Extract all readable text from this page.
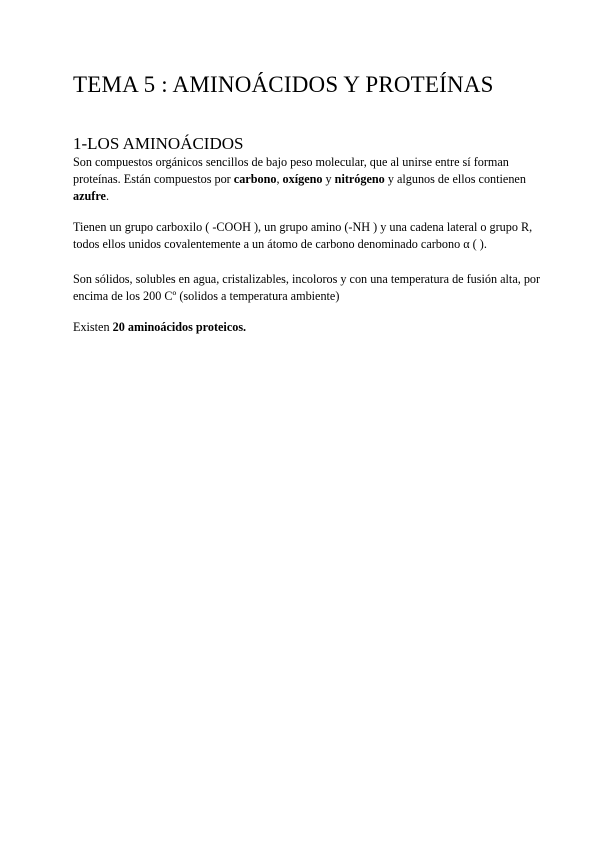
TEMA 5 : AMINOÁCIDOS Y PROTEÍNAS
1-LOS AMINOÁCIDOS

Son compuestos orgánicos sencillos de bajo peso molecular, que al unirse entre sí forman proteínas. Están compuestos por carbono, oxígeno y nitrógeno y algunos de ellos contienen azufre.

Tienen un grupo carboxilo ( -COOH ), un grupo amino (-NH ) y una cadena lateral o grupo R, todos ellos unidos covalentemente a un átomo de carbono denominado carbono α ( ).

Son sólidos, solubles en agua, cristalizables, incoloros y con una temperatura de fusión alta, por encima de los 200 Cº (solidos a temperatura ambiente)

Existen 20 aminoácidos proteicos.
